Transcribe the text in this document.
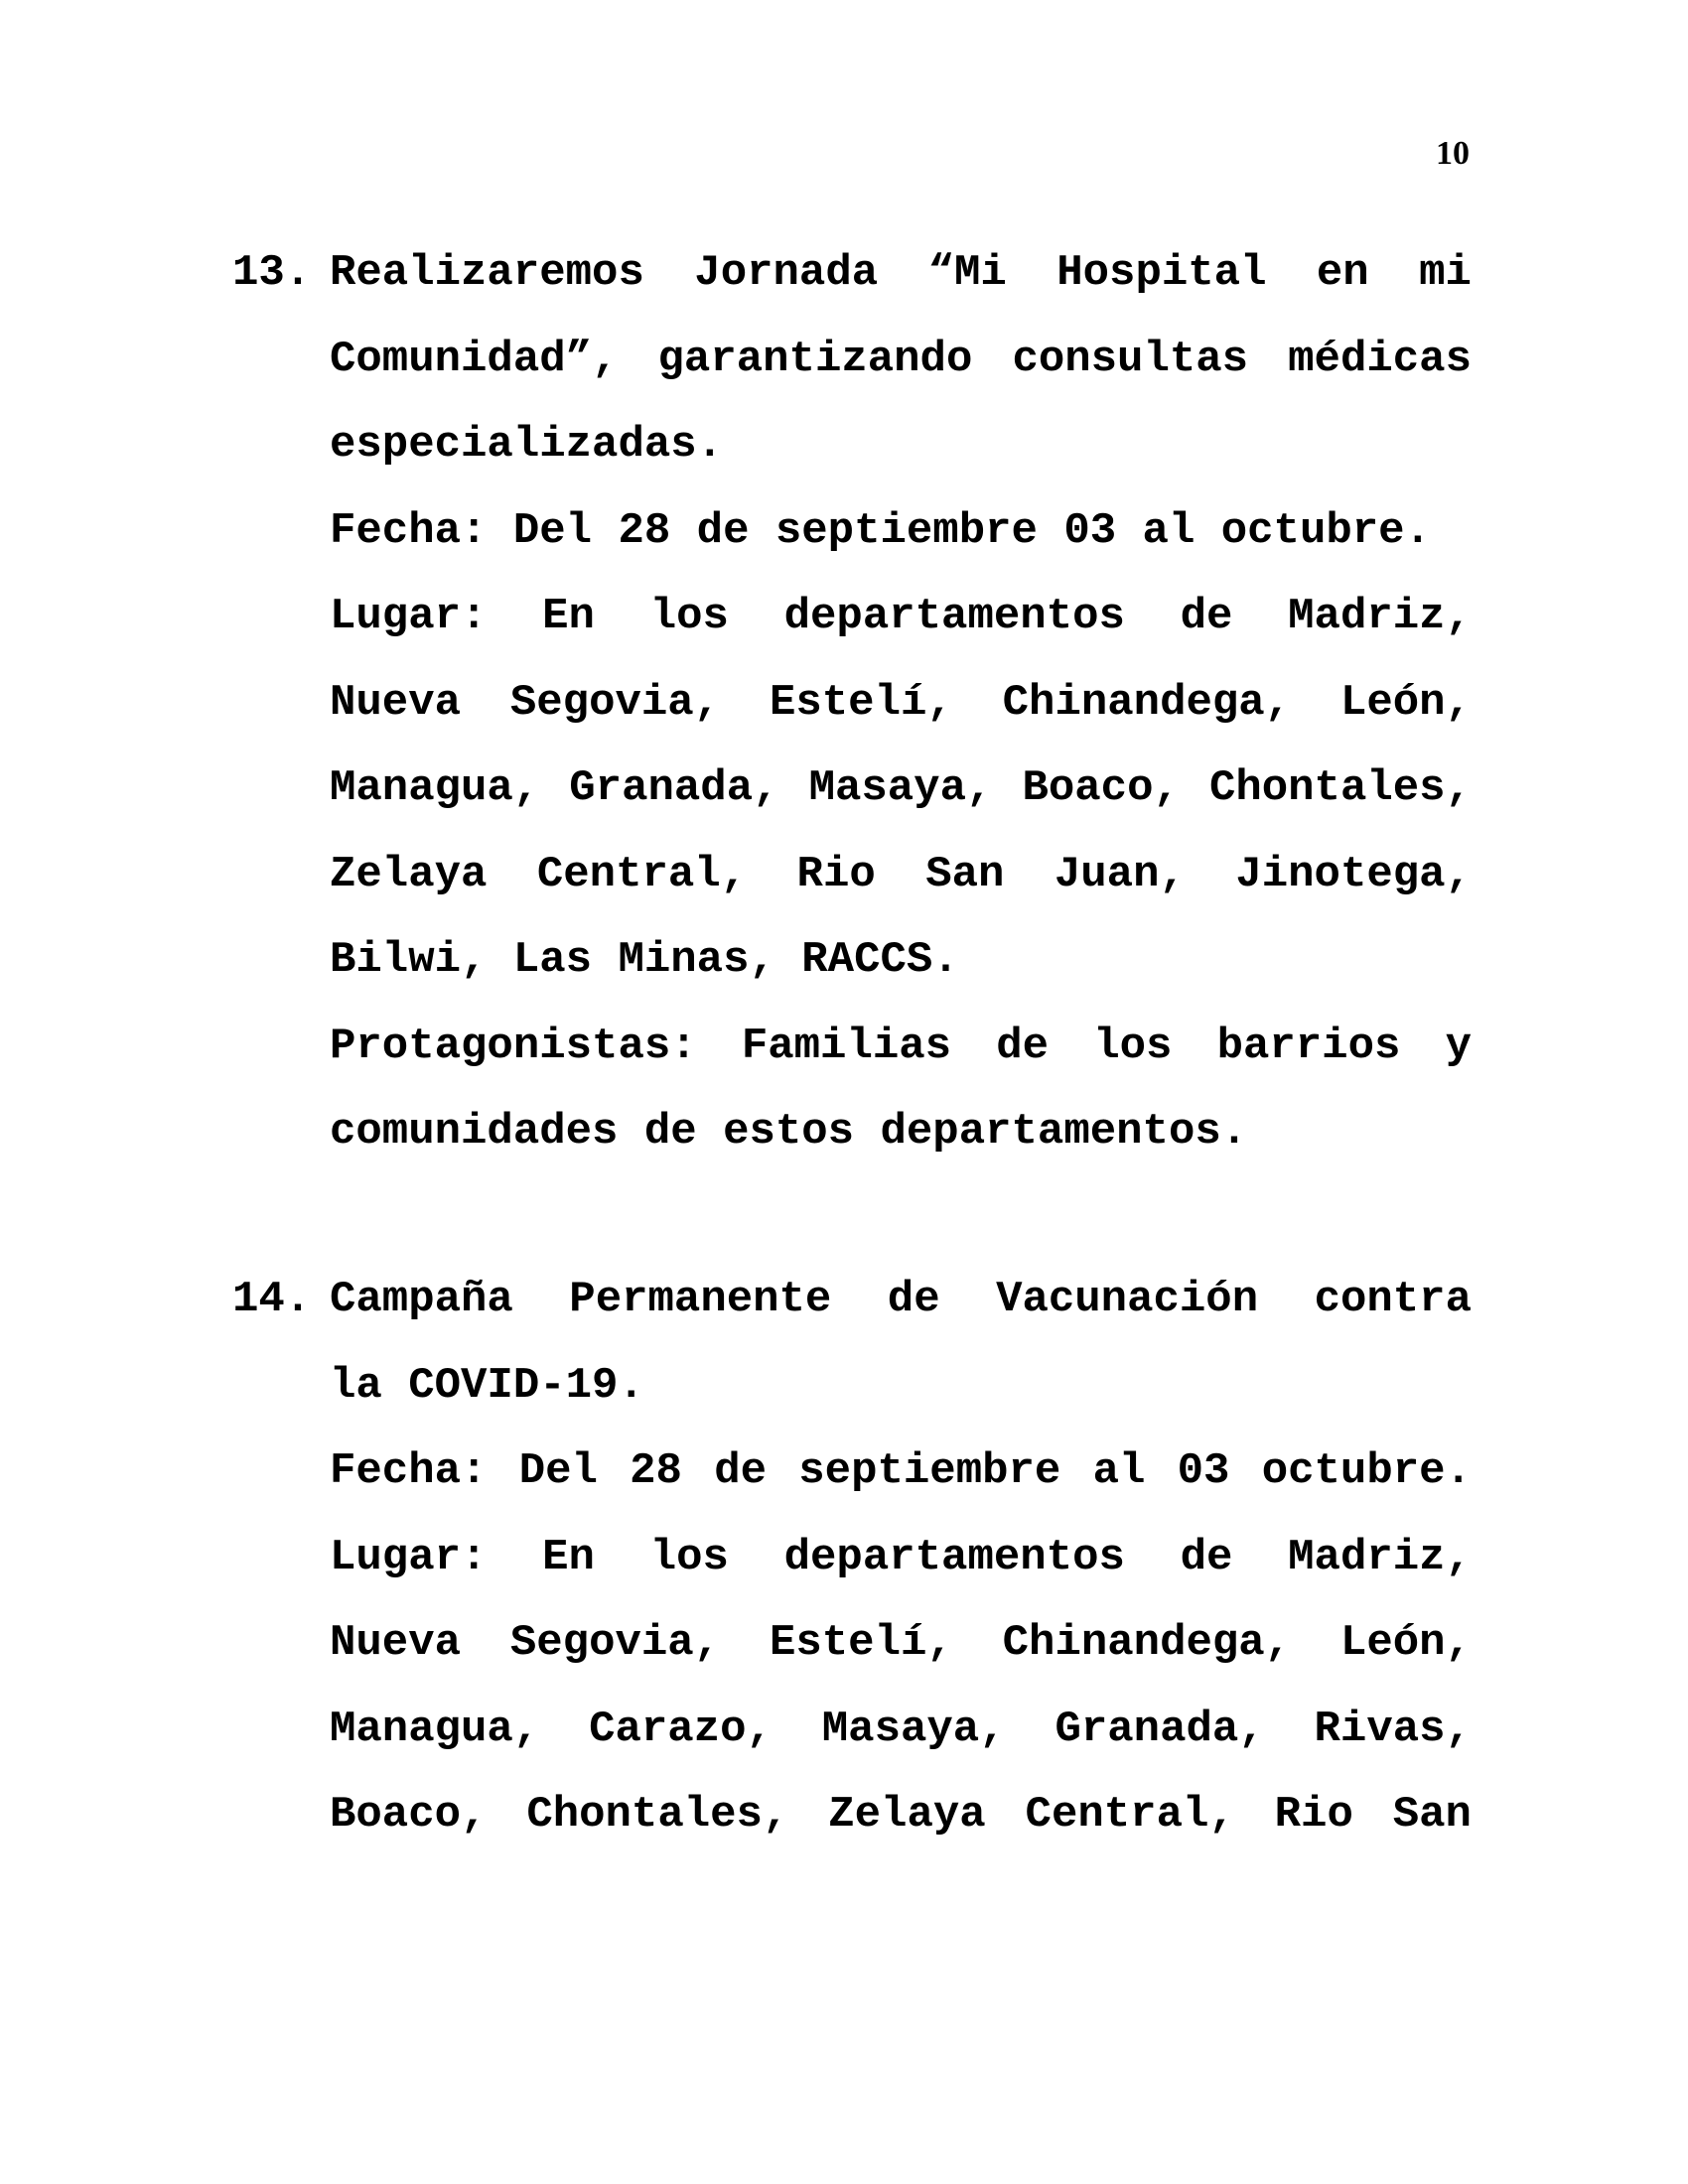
10
13. Realizaremos Jornada “Mi Hospital en mi
Comunidad”, garantizando consultas médicas
especializadas.
Fecha: Del 28 de septiembre 03 al octubre.
Lugar: En los departamentos de Madriz,
Nueva Segovia, Estelí, Chinandega, León,
Managua, Granada, Masaya, Boaco, Chontales,
Zelaya Central, Rio San Juan, Jinotega,
Bilwi, Las Minas, RACCS.
Protagonistas: Familias de los barrios y
comunidades de estos departamentos.
14. Campaña Permanente de Vacunación contra
la COVID-19.
Fecha: Del 28 de septiembre al 03 octubre.
Lugar: En los departamentos de Madriz,
Nueva Segovia, Estelí, Chinandega, León,
Managua, Carazo, Masaya, Granada, Rivas,
Boaco, Chontales, Zelaya Central, Rio San
